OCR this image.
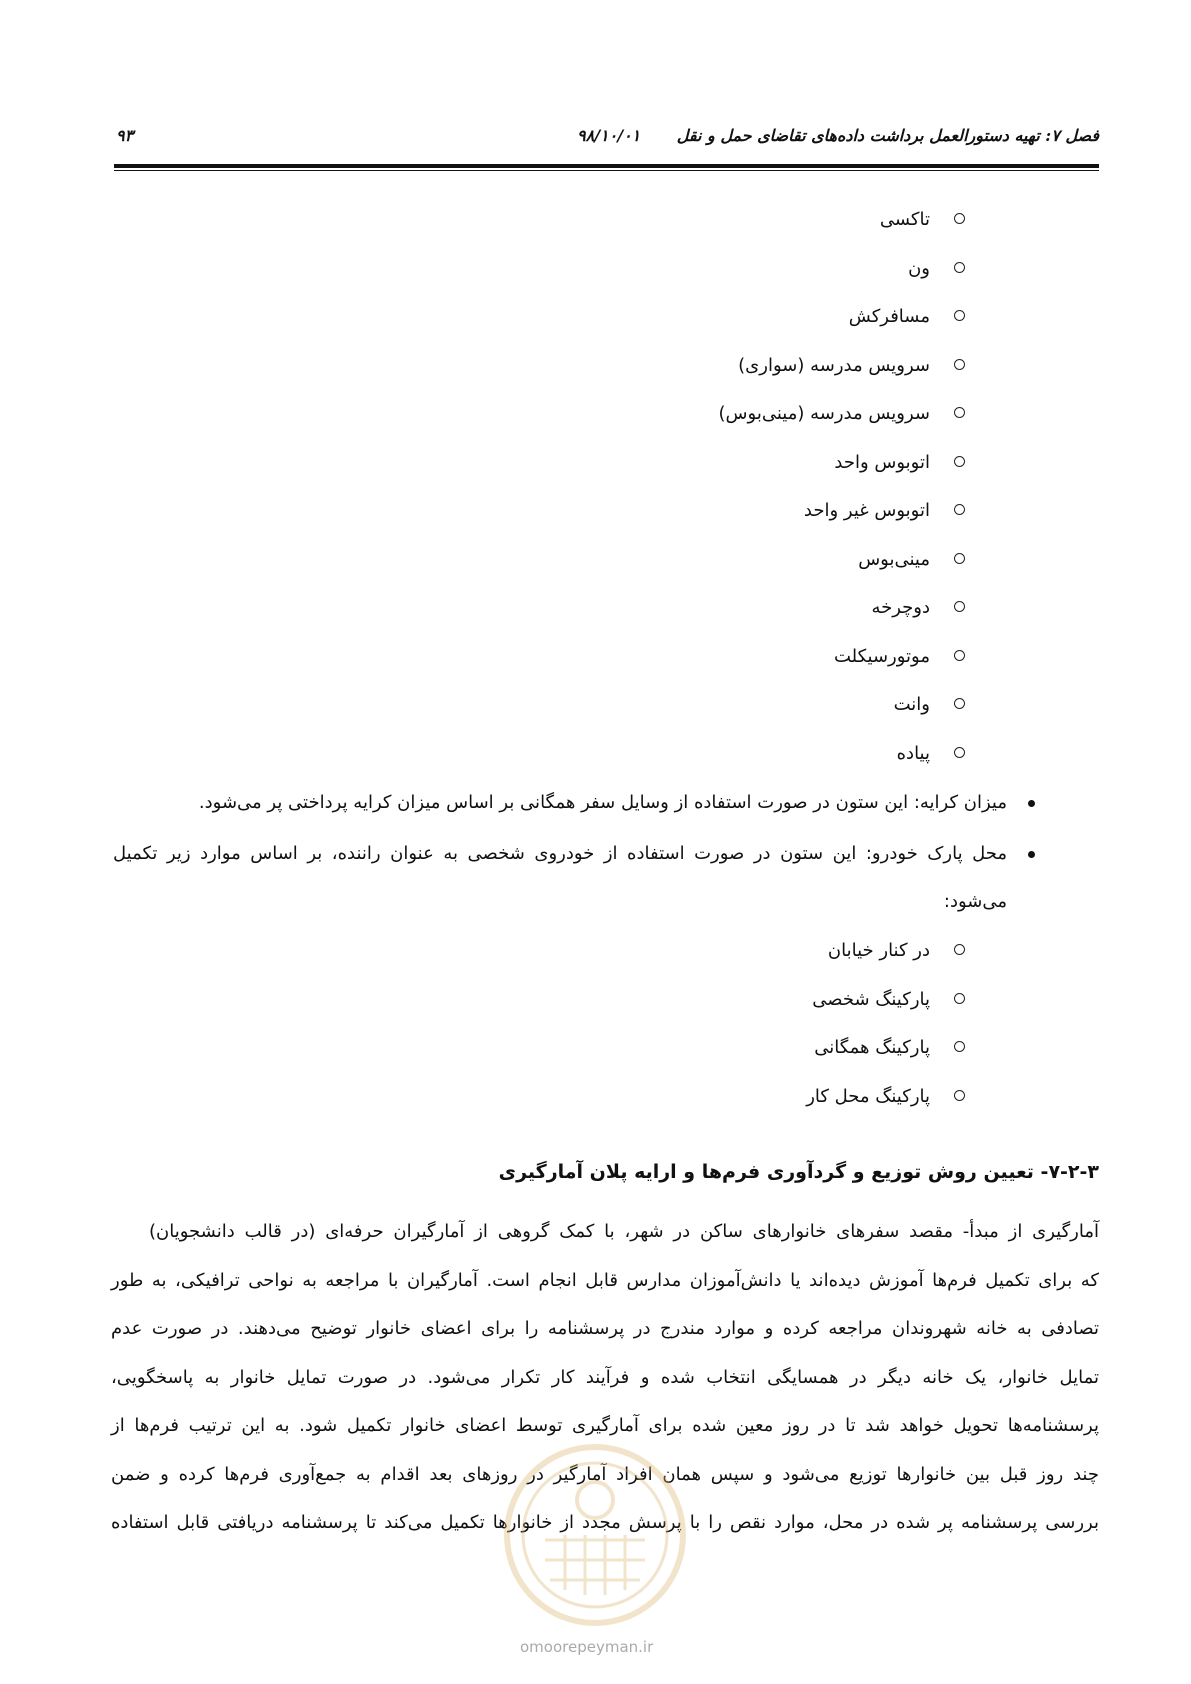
فصل ۷: تهیه دستورالعمل برداشت داده‌های تقاضای حمل و نقل
۹۸/۱۰/۰۱
۹۳
تاکسی
ون
مسافرکش
سرویس مدرسه (سواری)
سرویس مدرسه (مینی‌بوس)
اتوبوس واحد
اتوبوس غیر واحد
مینی‌بوس
دوچرخه
موتورسیکلت
وانت
پیاده
میزان کرایه: این ستون در صورت استفاده از وسایل سفر همگانی بر اساس میزان کرایه پرداختی پر می‌شود.
محل پارک خودرو: این ستون در صورت استفاده از خودروی شخصی به عنوان راننده، بر اساس موارد زیر تکمیل
می‌شود:
در کنار خیابان
پارکینگ شخصی
پارکینگ همگانی
پارکینگ محل کار
۷-۲-۳- تعیین روش توزیع و گردآوری فرم‌ها و ارایه پلان آمارگیری
آمارگیری از مبدأ- مقصد سفرهای خانوارهای ساکن در شهر، با کمک گروهی از آمارگیران حرفه‌ای (در قالب دانشجویان)
که برای تکمیل فرم‌ها آموزش دیده‌اند یا دانش‌آموزان مدارس قابل انجام است. آمارگیران با مراجعه به نواحی ترافیکی، به طور
تصادفی به خانه شهروندان مراجعه کرده و موارد مندرج در پرسشنامه را برای اعضای خانوار توضیح می‌دهند. در صورت عدم
تمایل خانوار، یک خانه دیگر در همسایگی انتخاب شده و فرآیند کار تکرار می‌شود. در صورت تمایل خانوار به پاسخگویی،
پرسشنامه‌ها تحویل خواهد شد تا در روز معین شده برای آمارگیری توسط اعضای خانوار تکمیل شود. به این ترتیب فرم‌ها از
چند روز قبل بین خانوارها توزیع می‌شود و سپس همان افراد آمارگیر در روزهای بعد اقدام به جمع‌آوری فرم‌ها کرده و ضمن
بررسی پرسشنامه پر شده در محل، موارد نقص را با پرسش مجدد از خانوارها تکمیل می‌کند تا پرسشنامه دریافتی قابل استفاده
omoorepeyman.ir
